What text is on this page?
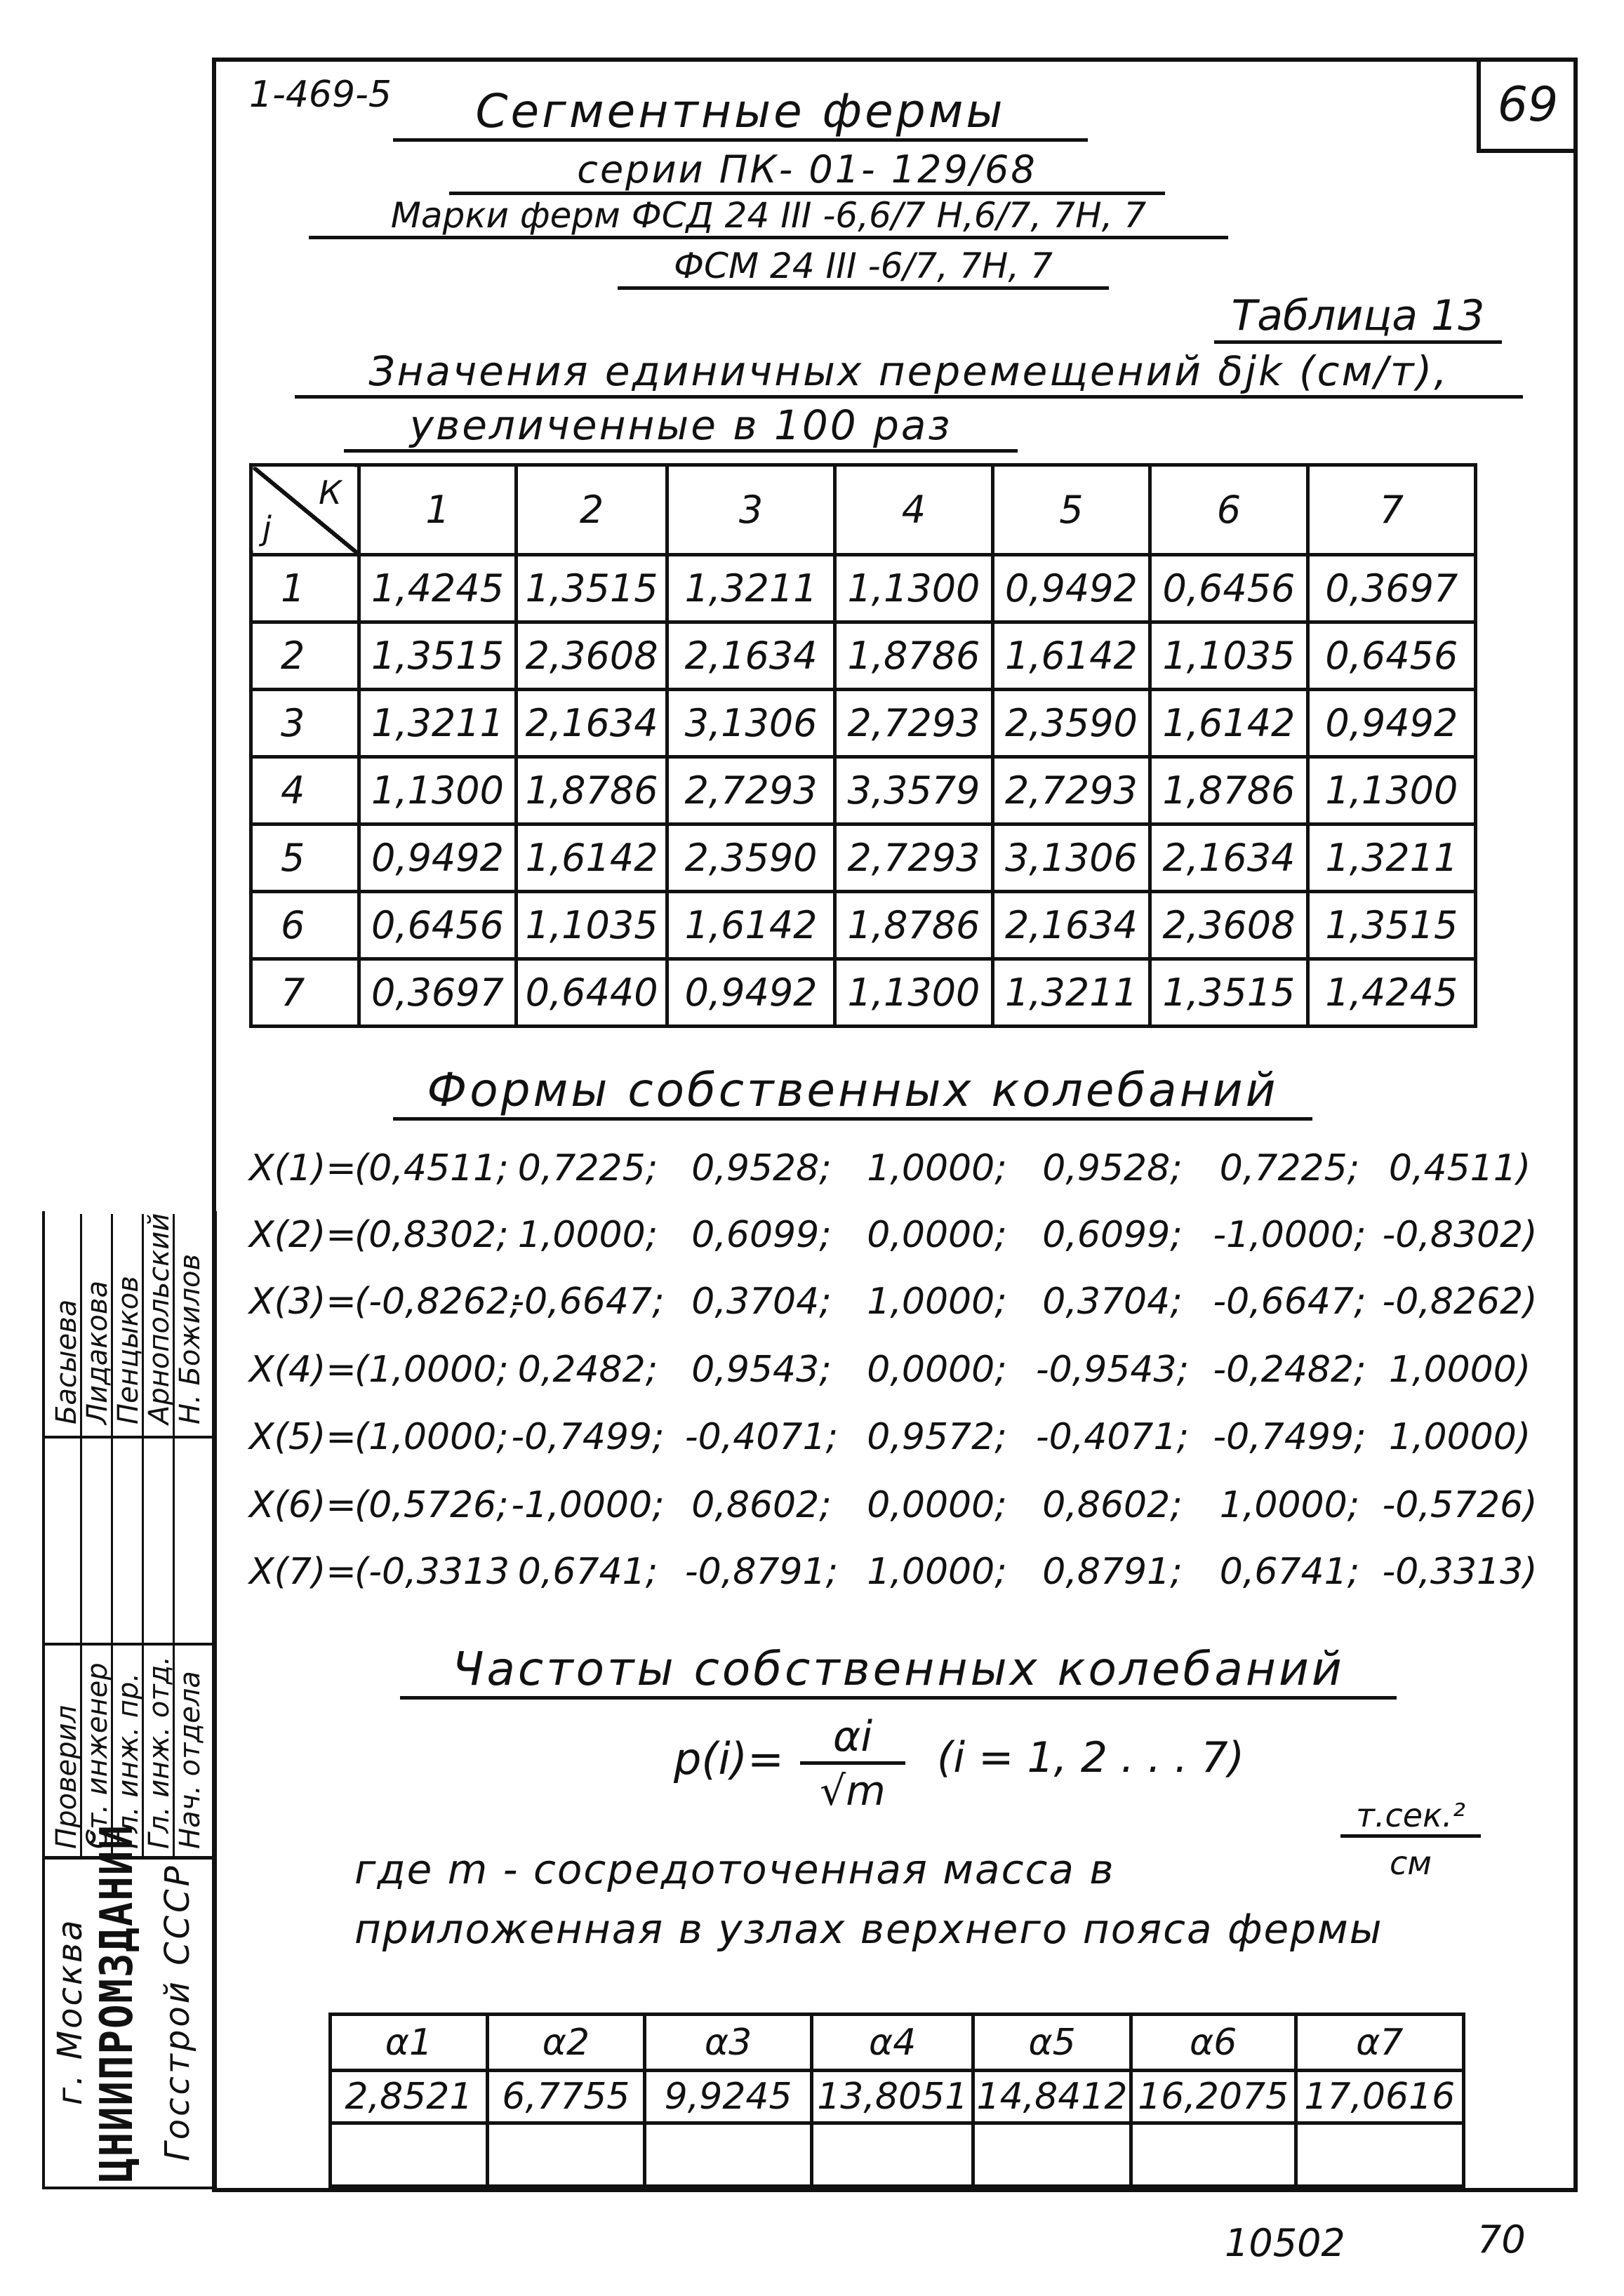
69
1-469-5	Сегментные фермы
серии ПК- 01- 129/68
Марки ферм ФСД 24 III -6,6/7 Н,6/7, 7Н, 7
ФСМ 24 III -6/7, 7Н, 7
Таблица 13
Значения единичных перемещений δjk (см/т),
увеличенные в 100 раз
К
j	1	2	3	4	5	6	7
1	1,4245	1,3515	1,3211	1,1300	0,9492	0,6456	0,3697
2	1,3515	2,3608	2,1634	1,8786	1,6142	1,1035	0,6456
3	1,3211	2,1634	3,1306	2,7293	2,3590	1,6142	0,9492
4	1,1300	1,8786	2,7293	3,3579	2,7293	1,8786	1,1300
5	0,9492	1,6142	2,3590	2,7293	3,1306	2,1634	1,3211
6	0,6456	1,1035	1,6142	1,8786	2,1634	2,3608	1,3515
7	0,3697	0,6440	0,9492	1,1300	1,3211	1,3515	1,4245
Формы собственных колебаний
X(1)=(0,4511; 0,7225; 0,9528; 1,0000; 0,9528; 0,7225; 0,4511)
X(2)=(0,8302; 1,0000; 0,6099; 0,0000; 0,6099; -1,0000; -0,8302)
X(3)=(-0,8262;-0,6647; 0,3704; 1,0000; 0,3704; -0,6647; -0,8262)
X(4)=(1,0000; 0,2482; 0,9543; 0,0000; -0,9543; -0,2482; 1,0000)
X(5)=(1,0000;-0,7499; -0,4071; 0,9572; -0,4071; -0,7499; 1,0000)
X(6)=(0,5726;-1,0000; 0,8602; 0,0000; 0,8602; 1,0000; -0,5726)
X(7)=(-0,3313 0,6741; -0,8791; 1,0000; 0,8791; 0,6741; -0,3313)
Частоты собственных колебаний
p(i)=	αi
√m
(i = 1, 2 . . . 7)
где m - сосредоточенная масса в
т.сек.²
см
приложенная в узлах верхнего пояса фермы
α1	α2	α3	α4	α5	α6	α7
2,8521	6,7755	9,9245	13,8051	14,8412	16,2075	17,0616

Госстрой СССР
ЦНИИПРОМЗДАНИЙ
г. Москва
Нач. отдела
Гл. инж. отд.
Гл. инж. пр.
Ст. инженер
Проверил
Н. Божилов
Арнопольский
Пенцыков
Лидакова
Басыева
10502	70
